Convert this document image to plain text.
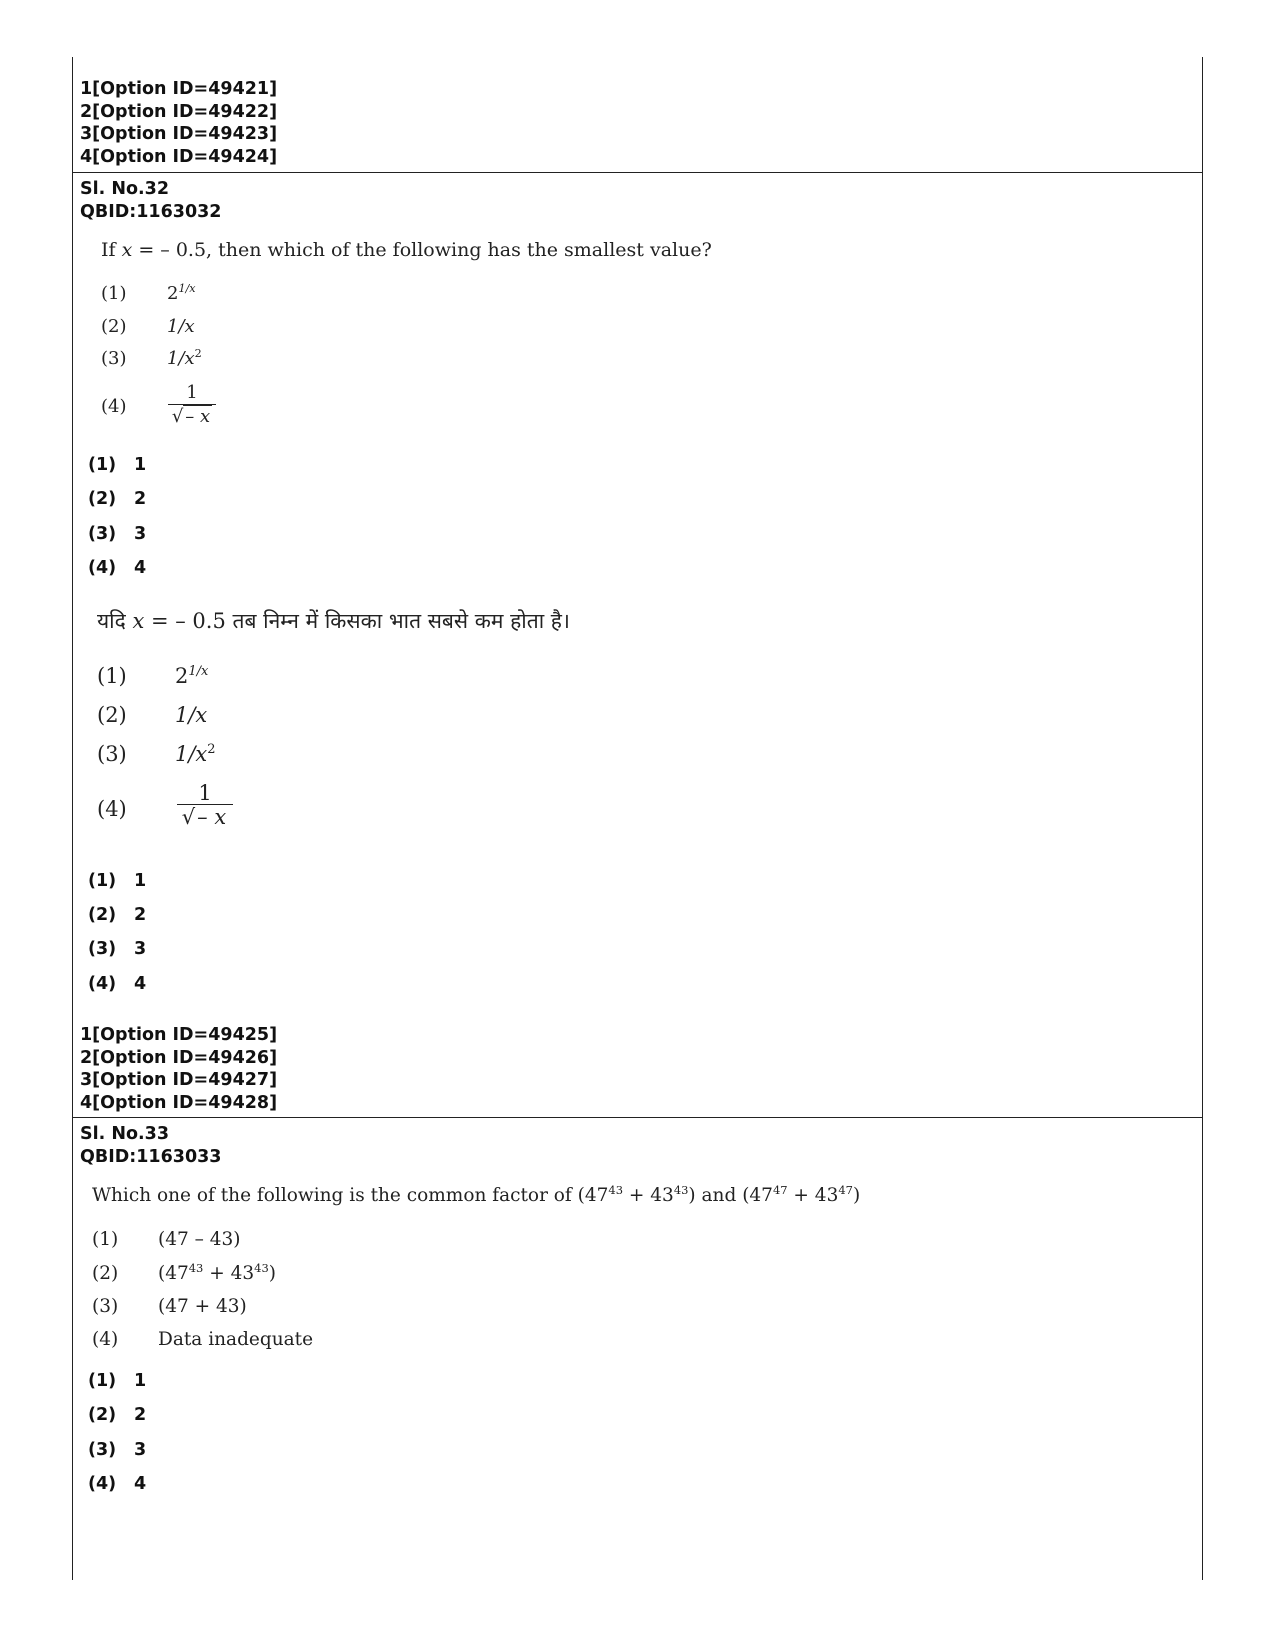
1[Option ID=49421]
2[Option ID=49422]
3[Option ID=49423]
4[Option ID=49424]
Sl. No.32
QBID:1163032
If x = – 0.5, then which of the following has the smallest value?
(1) $2^{1/x}$
(2) 1/x
(3) $1/x^2$
(4)
1
√ – x
(1) 1
(2) 2
(3) 3
(4) 4
यदि x = – 0.5 तब निम्न में किसका भात सबसे कम होता है।
(1) $2^{1/x}$
(2) 1/x
(3) $1/x^2$
(4)
1
√– x
(1) 1
(2) 2
(3) 3
(4) 4
1[Option ID=49425]
2[Option ID=49426]
3[Option ID=49427]
4[Option ID=49428]
Sl. No.33
QBID:1163033
Which one of the following is the common factor of $(47^{43} + 43^{43})$ and $(47^{47} + 43^{47})$
(1) (47 – 43)
(2) $(47^{43} + 43^{43})$
(3) (47 + 43)
(4) Data inadequate
(1) 1
(2) 2
(3) 3
(4) 4
